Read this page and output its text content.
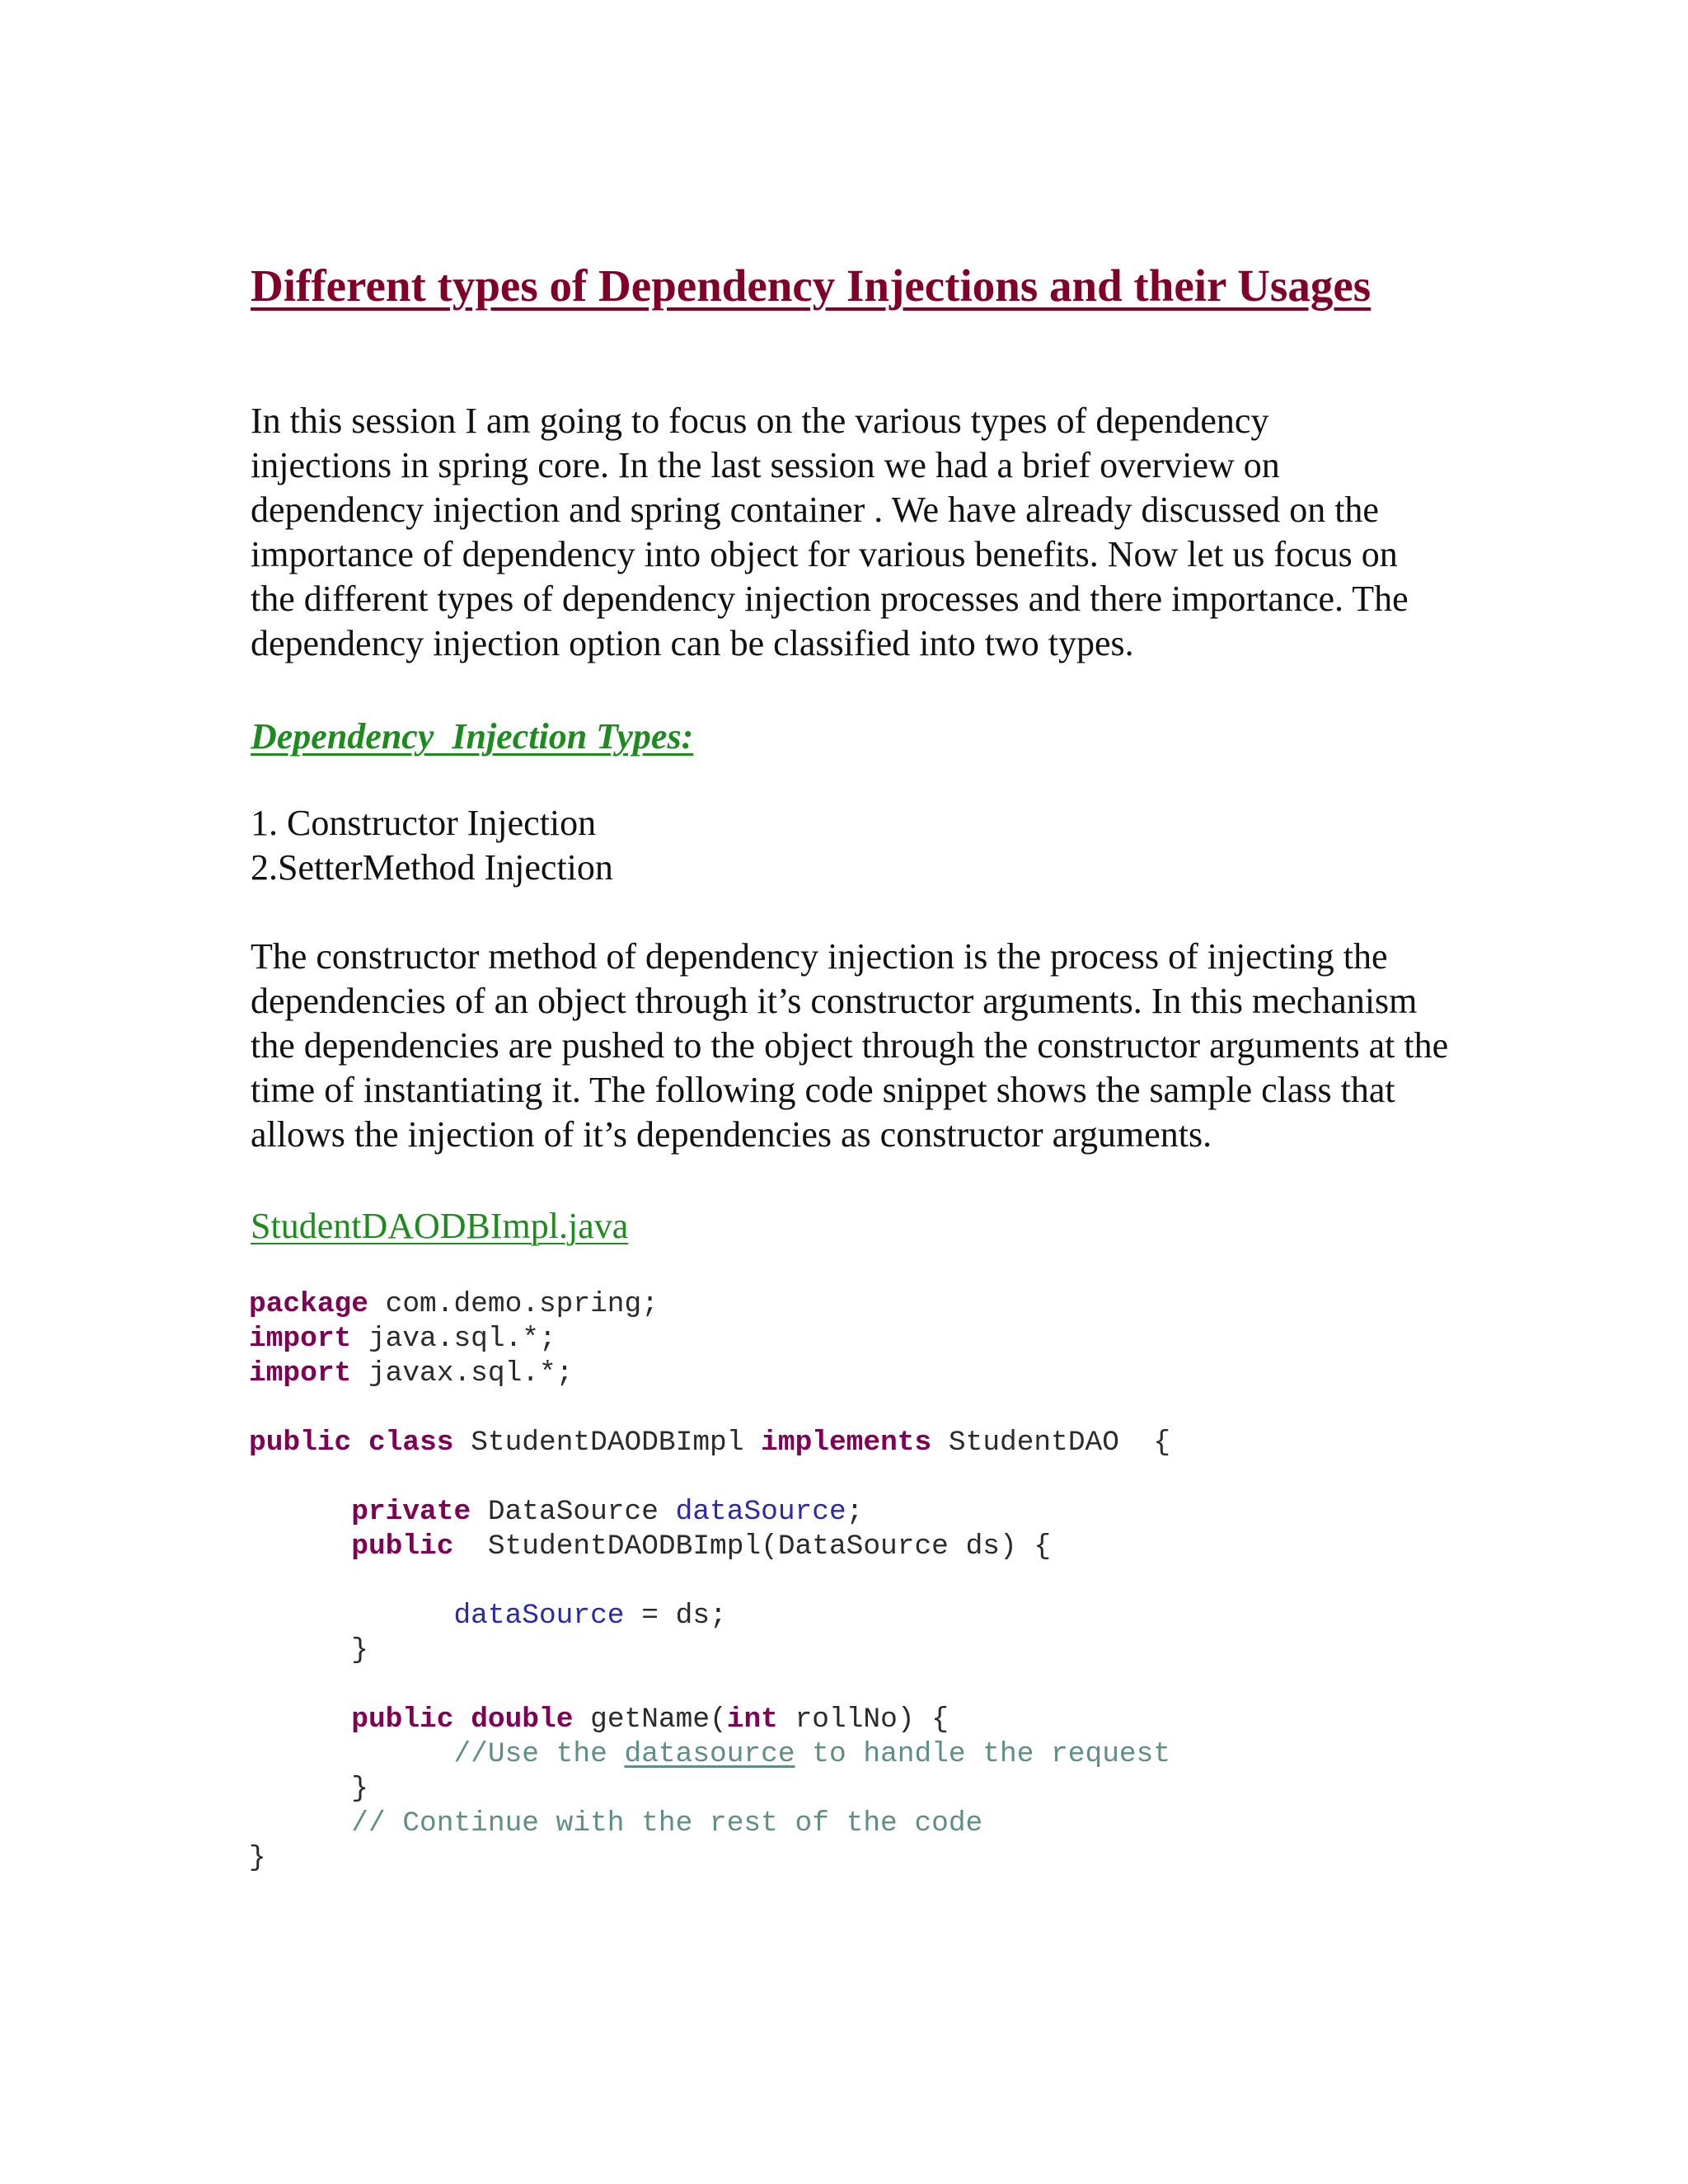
Different types of Dependency Injections and their Usages

In this session I am going to focus on the various types of dependency
injections in spring core. In the last session we had a brief overview on
dependency injection and spring container . We have already discussed on the
importance of dependency into object for various benefits. Now let us focus on
the different types of dependency injection processes and there importance. The
dependency injection option can be classified into two types.

Dependency  Injection Types:
1. Constructor Injection
2.SetterMethod Injection

The constructor method of dependency injection is the process of injecting the
dependencies of an object through it’s constructor arguments. In this mechanism
the dependencies are pushed to the object through the constructor arguments at the
time of instantiating it. The following code snippet shows the sample class that
allows the injection of it’s dependencies as constructor arguments.

StudentDAODBImpl.java

package com.demo.spring;
import java.sql.*;
import javax.sql.*;

public class StudentDAODBImpl implements StudentDAO  {

private DataSource dataSource;
public  StudentDAODBImpl(DataSource ds) {

dataSource = ds;
}

public double getName(int rollNo) {
//Use the datasource to handle the request
}
// Continue with the rest of the code
}
